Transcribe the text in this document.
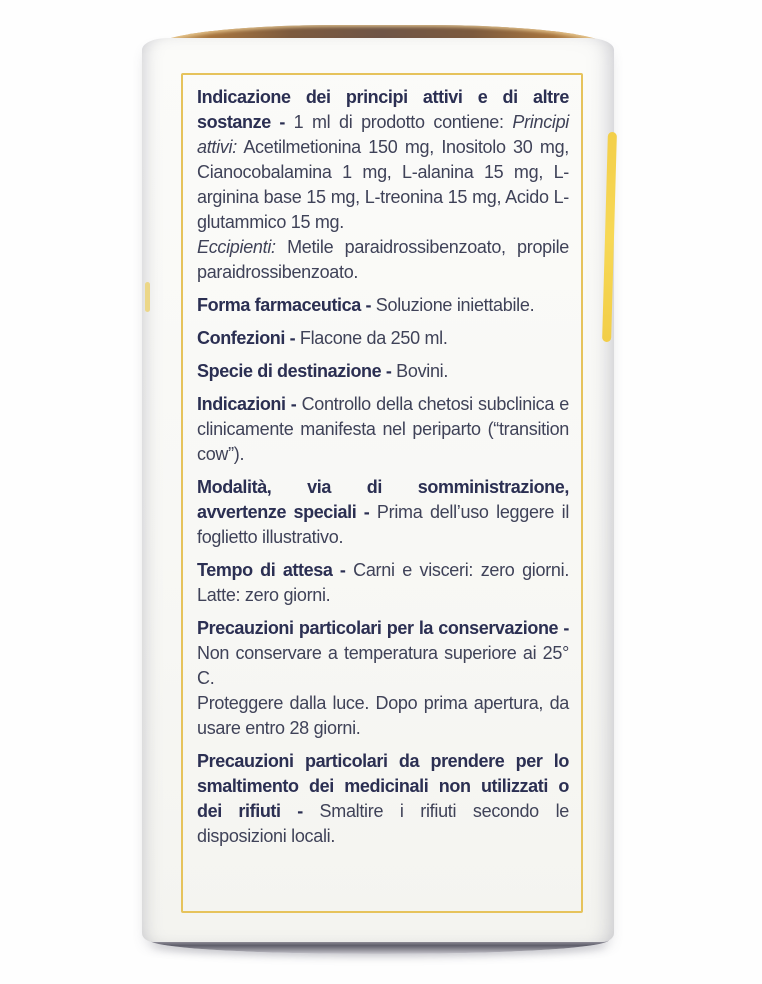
Indicazione dei principi attivi e di altre sostanze - 1 ml di prodotto contiene: Principi attivi: Acetilmetionina 150 mg, Inositolo 30 mg, Cianocobalamina 1 mg, L-alanina 15 mg, L-arginina base 15 mg, L-treonina 15 mg, Acido L-glutammico 15 mg.
Eccipienti: Metile paraidrossibenzoato, propile paraidrossibenzoato.

Forma farmaceutica - Soluzione iniettabile.

Confezioni - Flacone da 250 ml.

Specie di destinazione - Bovini.

Indicazioni - Controllo della chetosi subclinica e clinicamente manifesta nel periparto (“transition cow”).

Modalità, via di somministrazione, avvertenze speciali - Prima dell’uso leggere il foglietto illustrativo.

Tempo di attesa - Carni e visceri: zero giorni. Latte: zero giorni.

Precauzioni particolari per la conservazione - Non conservare a temperatura superiore ai 25° C.
Proteggere dalla luce. Dopo prima apertura, da usare entro 28 giorni.

Precauzioni particolari da prendere per lo smaltimento dei medicinali non utilizzati o dei rifiuti - Smaltire i rifiuti secondo le disposizioni locali.
